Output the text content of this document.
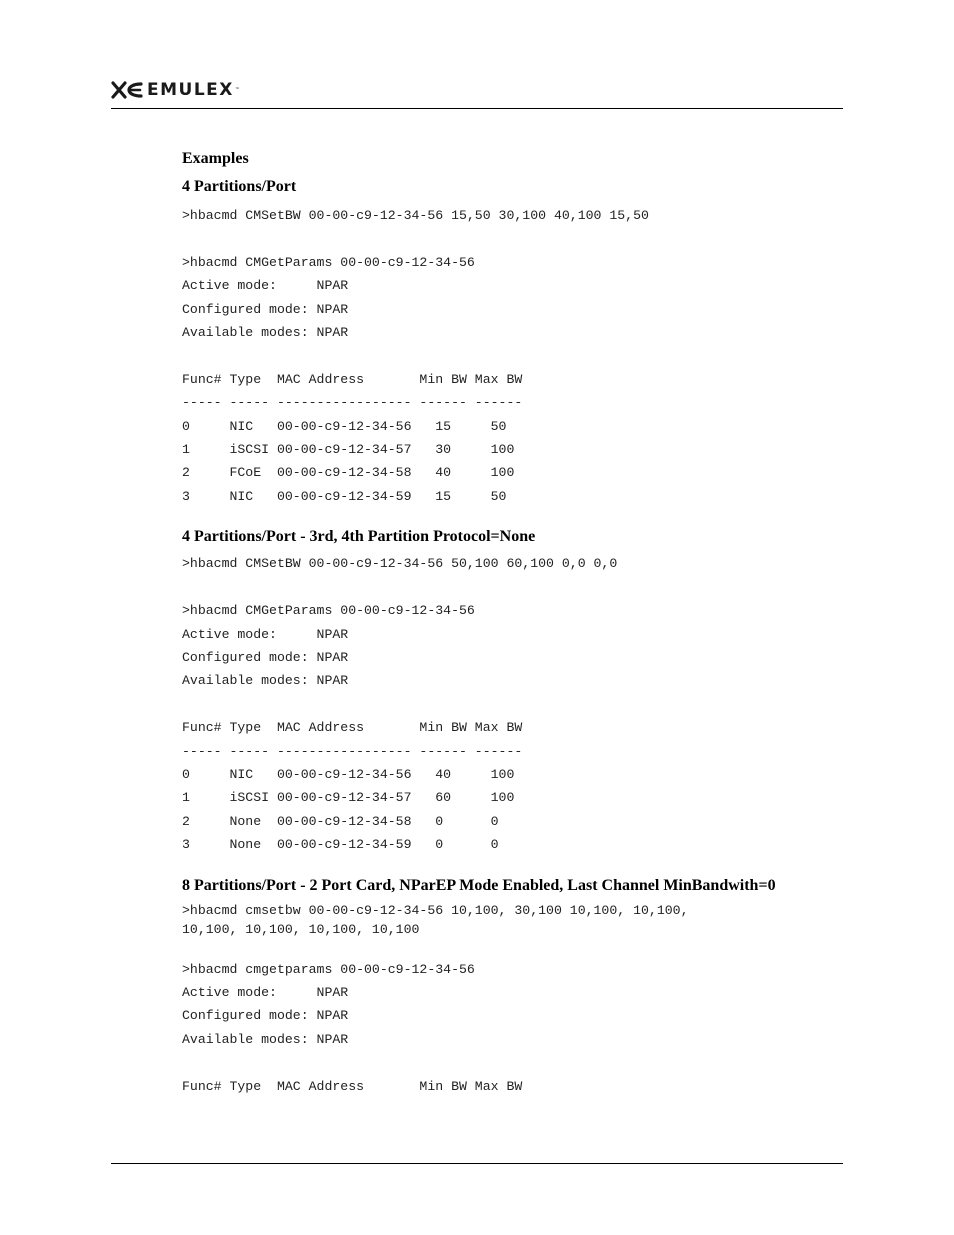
EMULEX ™
Examples
4 Partitions/Port
>hbacmd CMSetBW 00-00-c9-12-34-56 15,50 30,100 40,100 15,50

>hbacmd CMGetParams 00-00-c9-12-34-56
Active mode:     NPAR
Configured mode: NPAR
Available modes: NPAR

Func# Type  MAC Address       Min BW Max BW
----- ----- ----------------- ------ ------
0     NIC   00-00-c9-12-34-56   15     50
1     iSCSI 00-00-c9-12-34-57   30     100
2     FCoE  00-00-c9-12-34-58   40     100
3     NIC   00-00-c9-12-34-59   15     50
4 Partitions/Port - 3rd, 4th Partition Protocol=None
>hbacmd CMSetBW 00-00-c9-12-34-56 50,100 60,100 0,0 0,0

>hbacmd CMGetParams 00-00-c9-12-34-56
Active mode:     NPAR
Configured mode: NPAR
Available modes: NPAR

Func# Type  MAC Address       Min BW Max BW
----- ----- ----------------- ------ ------
0     NIC   00-00-c9-12-34-56   40     100
1     iSCSI 00-00-c9-12-34-57   60     100
2     None  00-00-c9-12-34-58   0      0
3     None  00-00-c9-12-34-59   0      0
8 Partitions/Port - 2 Port Card, NParEP Mode Enabled, Last Channel MinBandwith=0
>hbacmd cmsetbw 00-00-c9-12-34-56 10,100, 30,100 10,100, 10,100,
10,100, 10,100, 10,100, 10,100
>hbacmd cmgetparams 00-00-c9-12-34-56
Active mode:     NPAR
Configured mode: NPAR
Available modes: NPAR

Func# Type  MAC Address       Min BW Max BW
